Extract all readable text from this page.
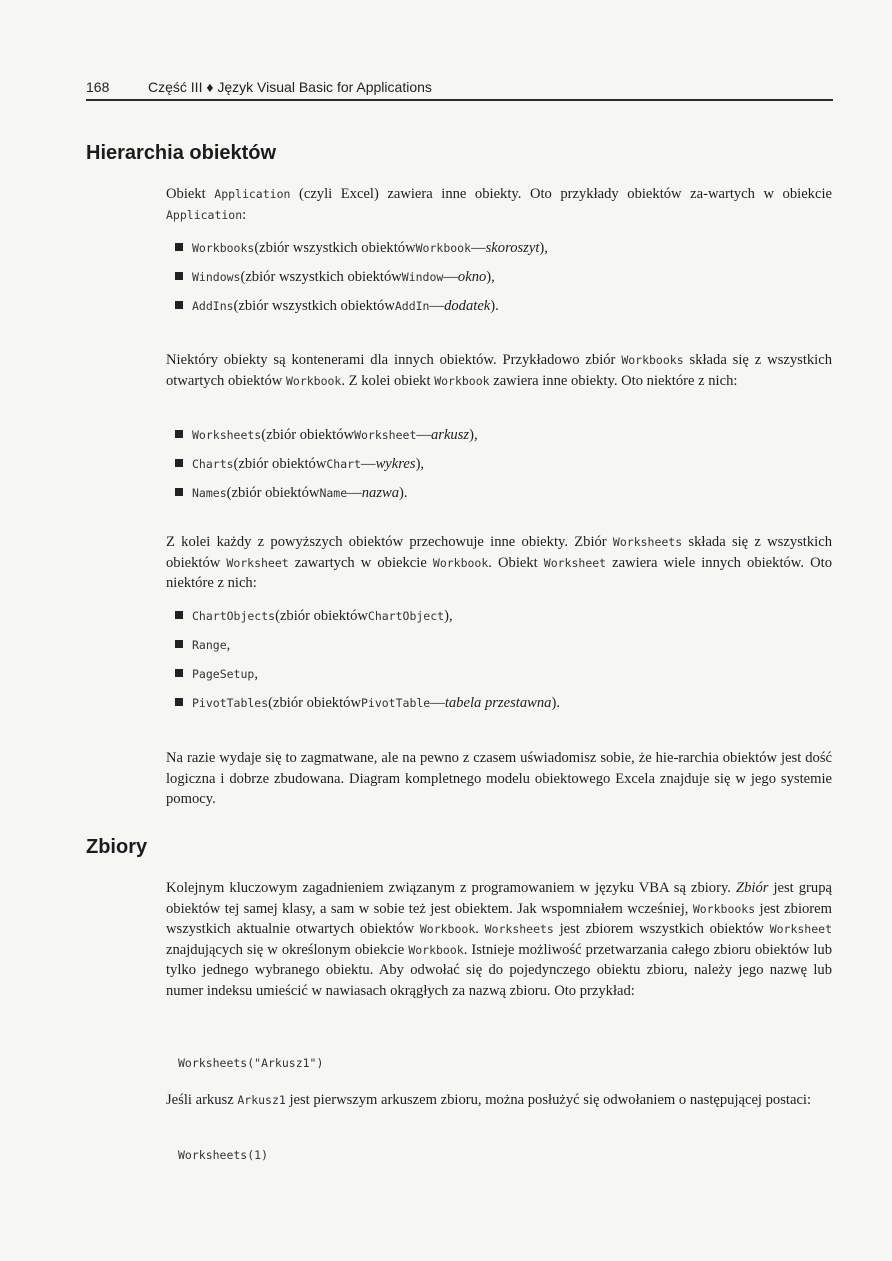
168	Część III ♦ Język Visual Basic for Applications
Hierarchia obiektów

Obiekt Application (czyli Excel) zawiera inne obiekty. Oto przykłady obiektów za-wartych w obiekcie Application:

Workbooks (zbiór wszystkich obiektów Workbook — skoroszyt ),
Windows (zbiór wszystkich obiektów Window — okno ),
AddIns (zbiór wszystkich obiektów AddIn — dodatek ).

Niektóry obiekty są kontenerami dla innych obiektów. Przykładowo zbiór Workbooks składa się z wszystkich otwartych obiektów Workbook. Z kolei obiekt Workbook zawiera inne obiekty. Oto niektóre z nich:

Worksheets (zbiór obiektów Worksheet — arkusz ),
Charts (zbiór obiektów Chart — wykres ),
Names (zbiór obiektów Name — nazwa ).

Z kolei każdy z powyższych obiektów przechowuje inne obiekty. Zbiór Worksheets składa się z wszystkich obiektów Worksheet zawartych w obiekcie Workbook. Obiekt Worksheet zawiera wiele innych obiektów. Oto niektóre z nich:

ChartObjects (zbiór obiektów ChartObject ),
Range ,
PageSetup ,
PivotTables (zbiór obiektów PivotTable — tabela przestawna ).

Na razie wydaje się to zagmatwane, ale na pewno z czasem uświadomisz sobie, że hie-rarchia obiektów jest dość logiczna i dobrze zbudowana. Diagram kompletnego modelu obiektowego Excela znajduje się w jego systemie pomocy.

Zbiory

Kolejnym kluczowym zagadnieniem związanym z programowaniem w języku VBA są zbiory. Zbiór jest grupą obiektów tej samej klasy, a sam w sobie też jest obiektem. Jak wspomniałem wcześniej, Workbooks jest zbiorem wszystkich aktualnie otwartych obiektów Workbook. Worksheets jest zbiorem wszystkich obiektów Worksheet znajdujących się w określonym obiekcie Workbook. Istnieje możliwość przetwarzania całego zbioru obiektów lub tylko jednego wybranego obiektu. Aby odwołać się do pojedynczego obiektu zbioru, należy jego nazwę lub numer indeksu umieścić w nawiasach okrągłych za nazwą zbioru. Oto przykład:

Worksheets("Arkusz1")

Jeśli arkusz Arkusz1 jest pierwszym arkuszem zbioru, można posłużyć się odwołaniem o następującej postaci:

Worksheets(1)
